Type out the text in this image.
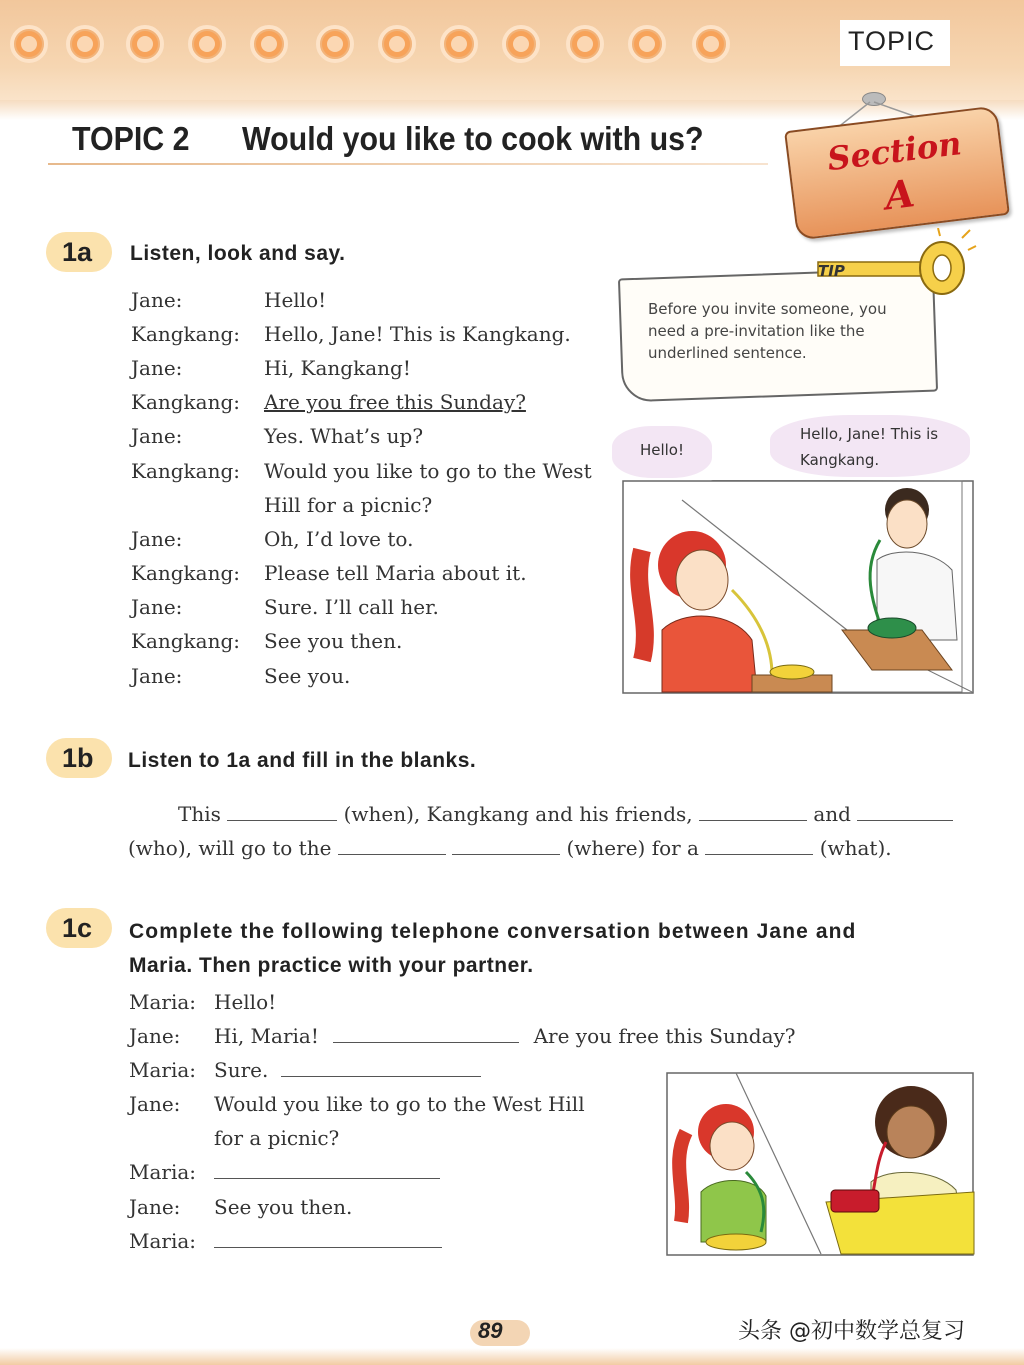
TOPIC
TOPIC 2 Would you like to cook with us?	Section
A
1a	Listen, look and say.
Jane:	Hello!
Kangkang: Hello, Jane! This is Kangkang.
Jane:	Hi, Kangkang!
Kangkang: Are you free this Sunday?
Jane:	Yes. What’s up?
Kangkang: Would you like to go to the West
Hill for a picnic?
Jane:	Oh, I’d love to.
Kangkang: Please tell Maria about it.
Jane:	Sure. I’ll call her.
Kangkang: See you then.
Jane:	See you.
TIP
Before you invite someone, you need a pre-invitation like the underlined sentence.
Hello!
Hello, Jane! This is Kangkang.
1b	Listen to 1a and fill in the blanks.
This	(when), Kangkang and his friends,	and
(who), will go to the	(where) for a	(what).
1c	Complete the following telephone conversation between Jane and
Maria. Then practice with your partner.
Maria: Hello!
Jane: Hi, Maria!	Are you free this Sunday?
Maria: Sure.
Jane: Would you like to go to the West Hill
for a picnic?
Maria:
Jane: See you then.
Maria:
89	头条 @初中数学总复习
